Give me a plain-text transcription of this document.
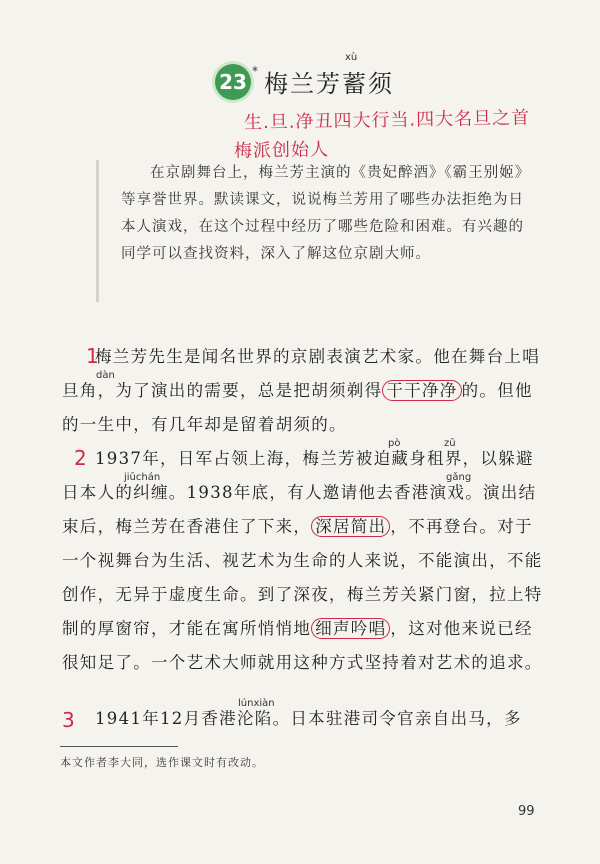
23 * 梅兰芳蓄须
xù
生.旦.净丑四大行当.四大名旦之首
梅派创始人

在京剧舞台上，梅兰芳主演的《贵妃醉酒》《霸王别姬》等享誉世界。默读课文，说说梅兰芳用了哪些办法拒绝为日本人演戏，在这个过程中经历了哪些危险和困难。有兴趣的同学可以查找资料，深入了解这位京剧大师。

dàn
pò	zū
jiūchán	gǎng
lúnxiàn
1
2
3

梅兰芳先生是闻名世界的京剧表演艺术家。他在舞台上唱旦角，为了演出的需要，总是把胡须剃得 干干净净 的。但他的一生中，有几年却是留着胡须的。

1937年，日军占领上海，梅兰芳被迫藏身租界，以躲避日本人的纠缠。1938年底，有人邀请他去香港演戏。演出结束后，梅兰芳在香港住了下来， 深居简出 ，不再登台。对于一个视舞台为生活、视艺术为生命的人来说，不能演出，不能创作，无异于虚度生命。到了深夜，梅兰芳关紧门窗，拉上特制的厚窗帘，才能在寓所悄悄地 细声吟唱 ，这对他来说已经很知足了。一个艺术大师就用这种方式坚持着对艺术的追求。

1941年12月香港沦陷。日本驻港司令官亲自出马，多

本文作者李大同，选作课文时有改动。
99
